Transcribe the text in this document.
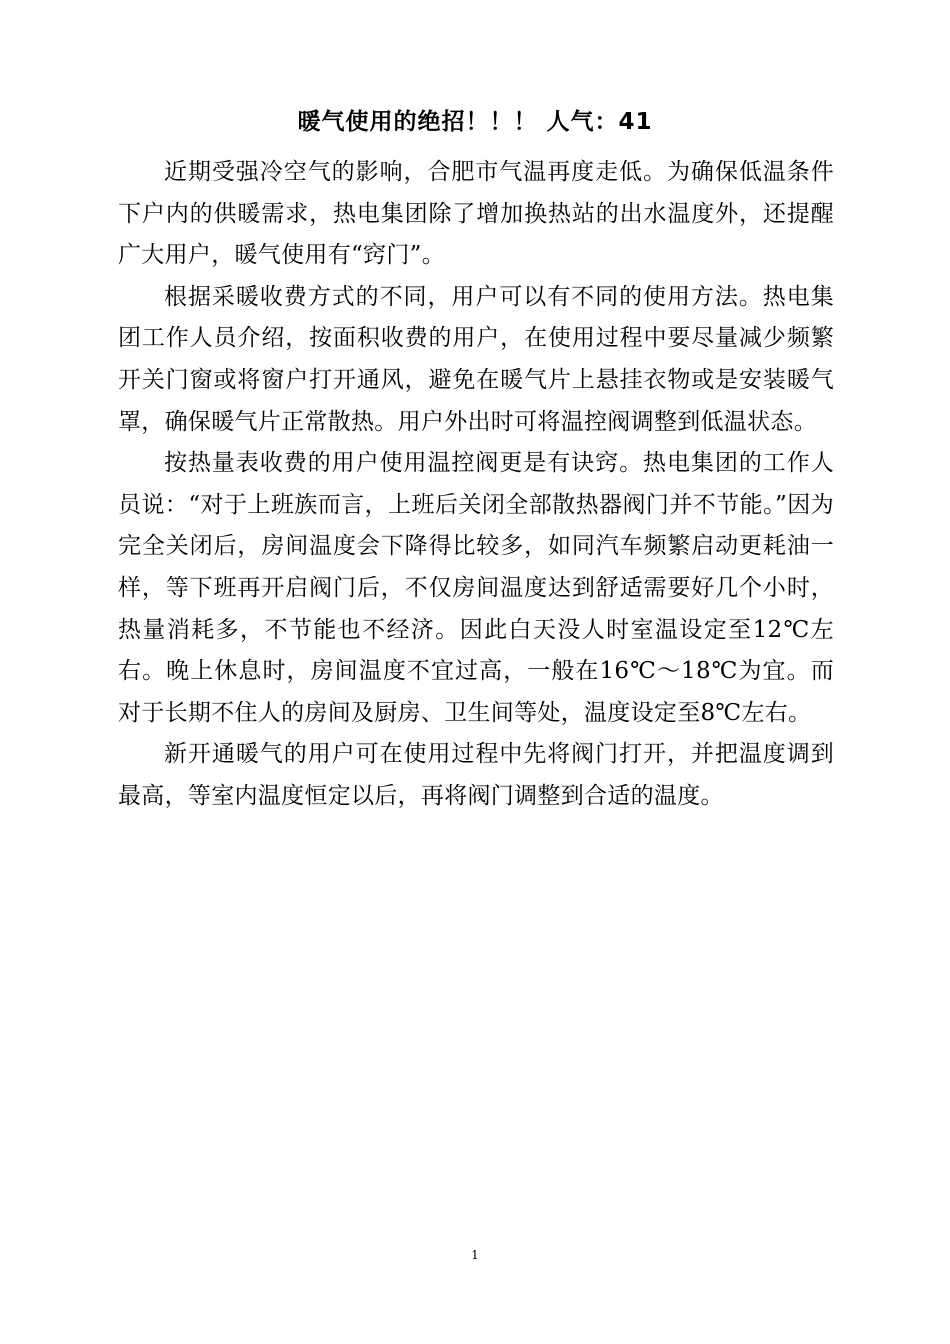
暖气使用的绝招！！！ 人气：41

近期受强冷空气的影响，合肥市气温再度走低。为确保低温条件下户内的供暖需求，热电集团除了增加换热站的出水温度外，还提醒广大用户，暖气使用有“窍门”。

根据采暖收费方式的不同，用户可以有不同的使用方法。热电集团工作人员介绍，按面积收费的用户，在使用过程中要尽量减少频繁开关门窗或将窗户打开通风，避免在暖气片上悬挂衣物或是安装暖气罩，确保暖气片正常散热。用户外出时可将温控阀调整到低温状态。

按热量表收费的用户使用温控阀更是有诀窍。热电集团的工作人员说：“对于上班族而言，上班后关闭全部散热器阀门并不节能。”因为完全关闭后，房间温度会下降得比较多，如同汽车频繁启动更耗油一样，等下班再开启阀门后，不仅房间温度达到舒适需要好几个小时，热量消耗多，不节能也不经济。因此白天没人时室温设定至12℃左右。晚上休息时，房间温度不宜过高，一般在16℃～18℃为宜。而对于长期不住人的房间及厨房、卫生间等处，温度设定至8℃左右。

新开通暖气的用户可在使用过程中先将阀门打开，并把温度调到最高，等室内温度恒定以后，再将阀门调整到合适的温度。

1
